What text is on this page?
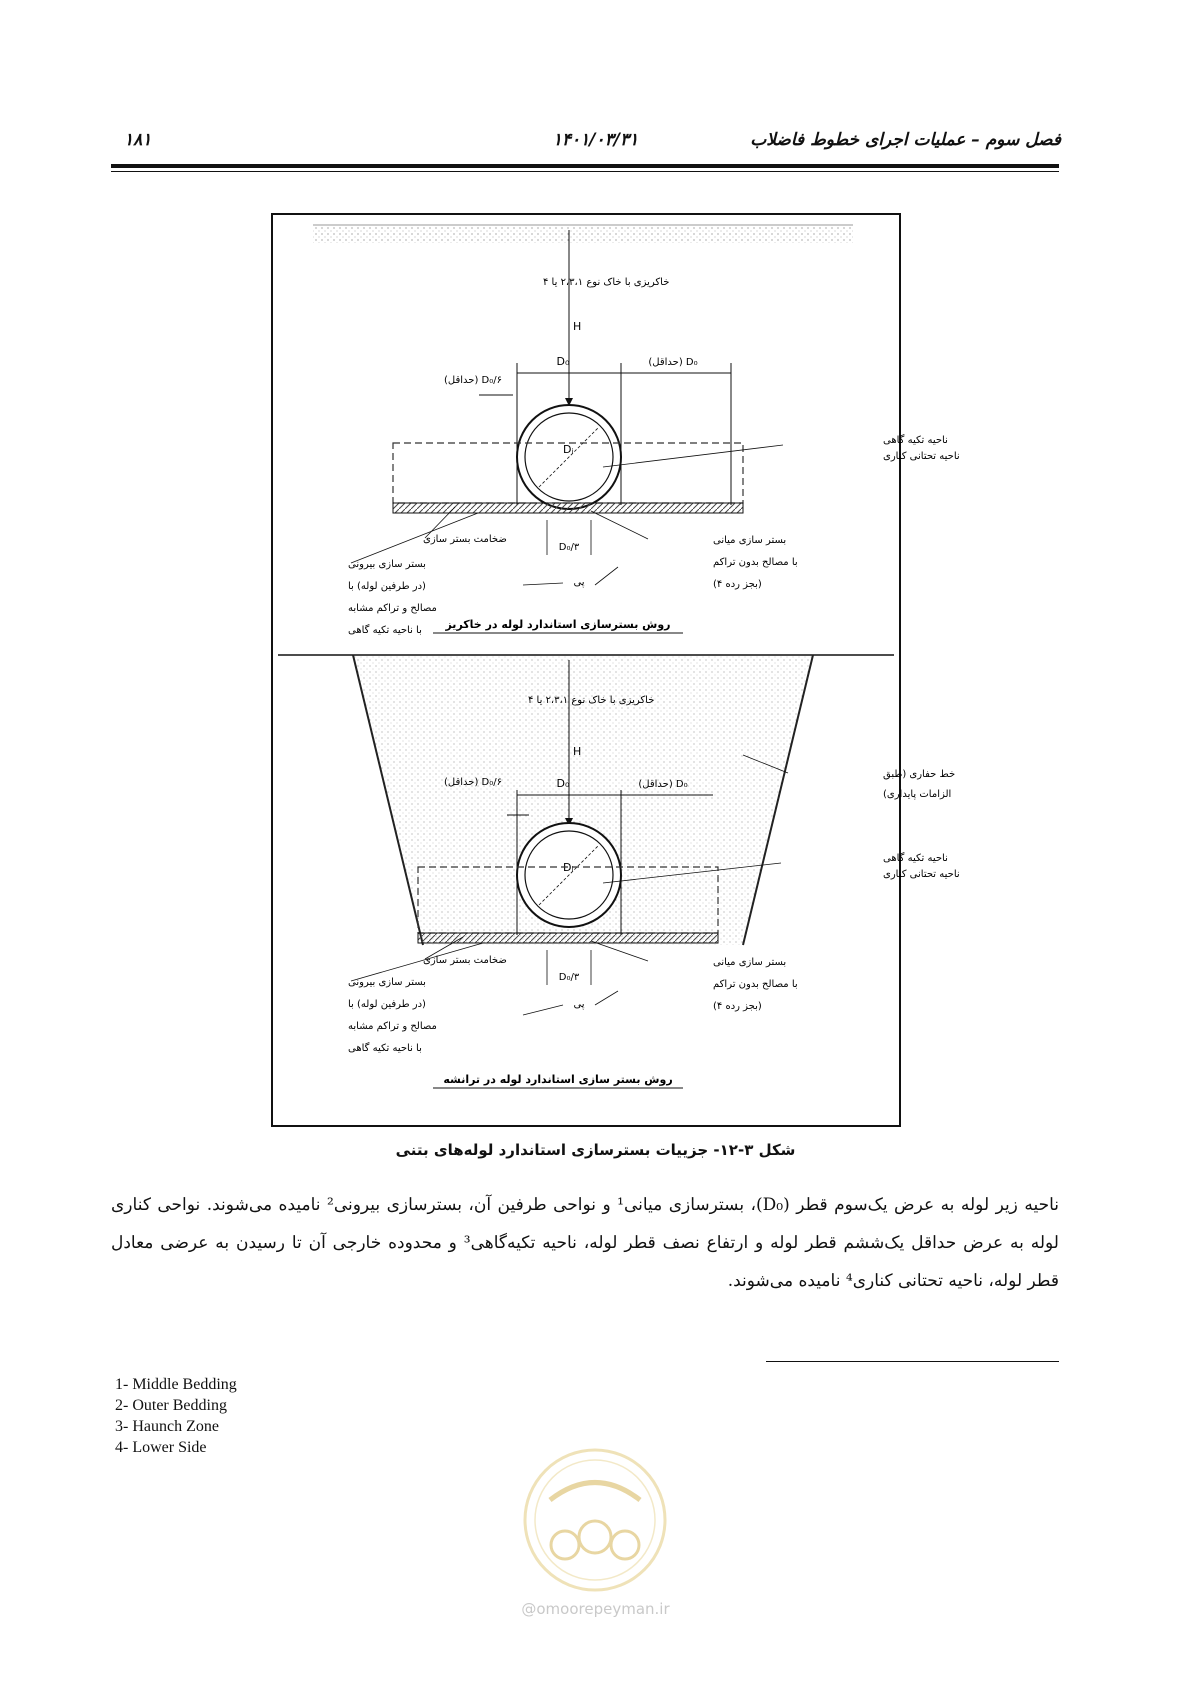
فصل سوم – عملیات اجرای خطوط فاضلاب
۱۴۰۱/۰۳/۳۱
۱۸۱
خاکریزی با خاک نوع ۲،۳،۱ یا ۴
H
D₀	D₀ (حداقل)
D₀/۶ (حداقل)
Dᵢ
ناحیه تکیه گاهی
ناحیه تحتانی کناری
ضخامت بستر سازی
بستر سازی بیرونی
(در طرفین لوله) با
مصالح و تراکم مشابه
با ناحیه تکیه گاهی
D₀/۳
بستر سازی میانی
با مصالح بدون تراکم
(بجز رده ۴)
پی
روش بسترسازی استاندارد لوله در خاکریز
خاکریزی با خاک نوع ۲،۳،۱ یا ۴
H
D₀	D₀ (حداقل)
D₀/۶ (حداقل)
خط حفاری (طبق
الزامات پایداری)
Dᵢ
ناحیه تکیه گاهی
ناحیه تحتانی کناری
ضخامت بستر سازی
بستر سازی بیرونی
(در طرفین لوله) با
مصالح و تراکم مشابه
با ناحیه تکیه گاهی
D₀/۳
بستر سازی میانی
با مصالح بدون تراکم
(بجز رده ۴)
پی
روش بستر سازی استاندارد لوله در ترانشه
شکل ۳-۱۲- جزییات بسترسازی استاندارد لوله‌های بتنی
ناحیه زیر لوله به عرض یک‌سوم قطر (D₀)، بسترسازی میانی¹ و نواحی طرفین آن، بسترسازی بیرونی² نامیده می‌شوند. نواحی کناری لوله به عرض حداقل یک‌ششم قطر لوله و ارتفاع نصف قطر لوله، ناحیه تکیه‌گاهی³ و محدوده خارجی آن تا رسیدن به عرضی معادل قطر لوله، ناحیه تحتانی کناری⁴ نامیده می‌شوند.
1- Middle Bedding
2- Outer Bedding
3- Haunch Zone
4- Lower Side
@omoorepeyman.ir
